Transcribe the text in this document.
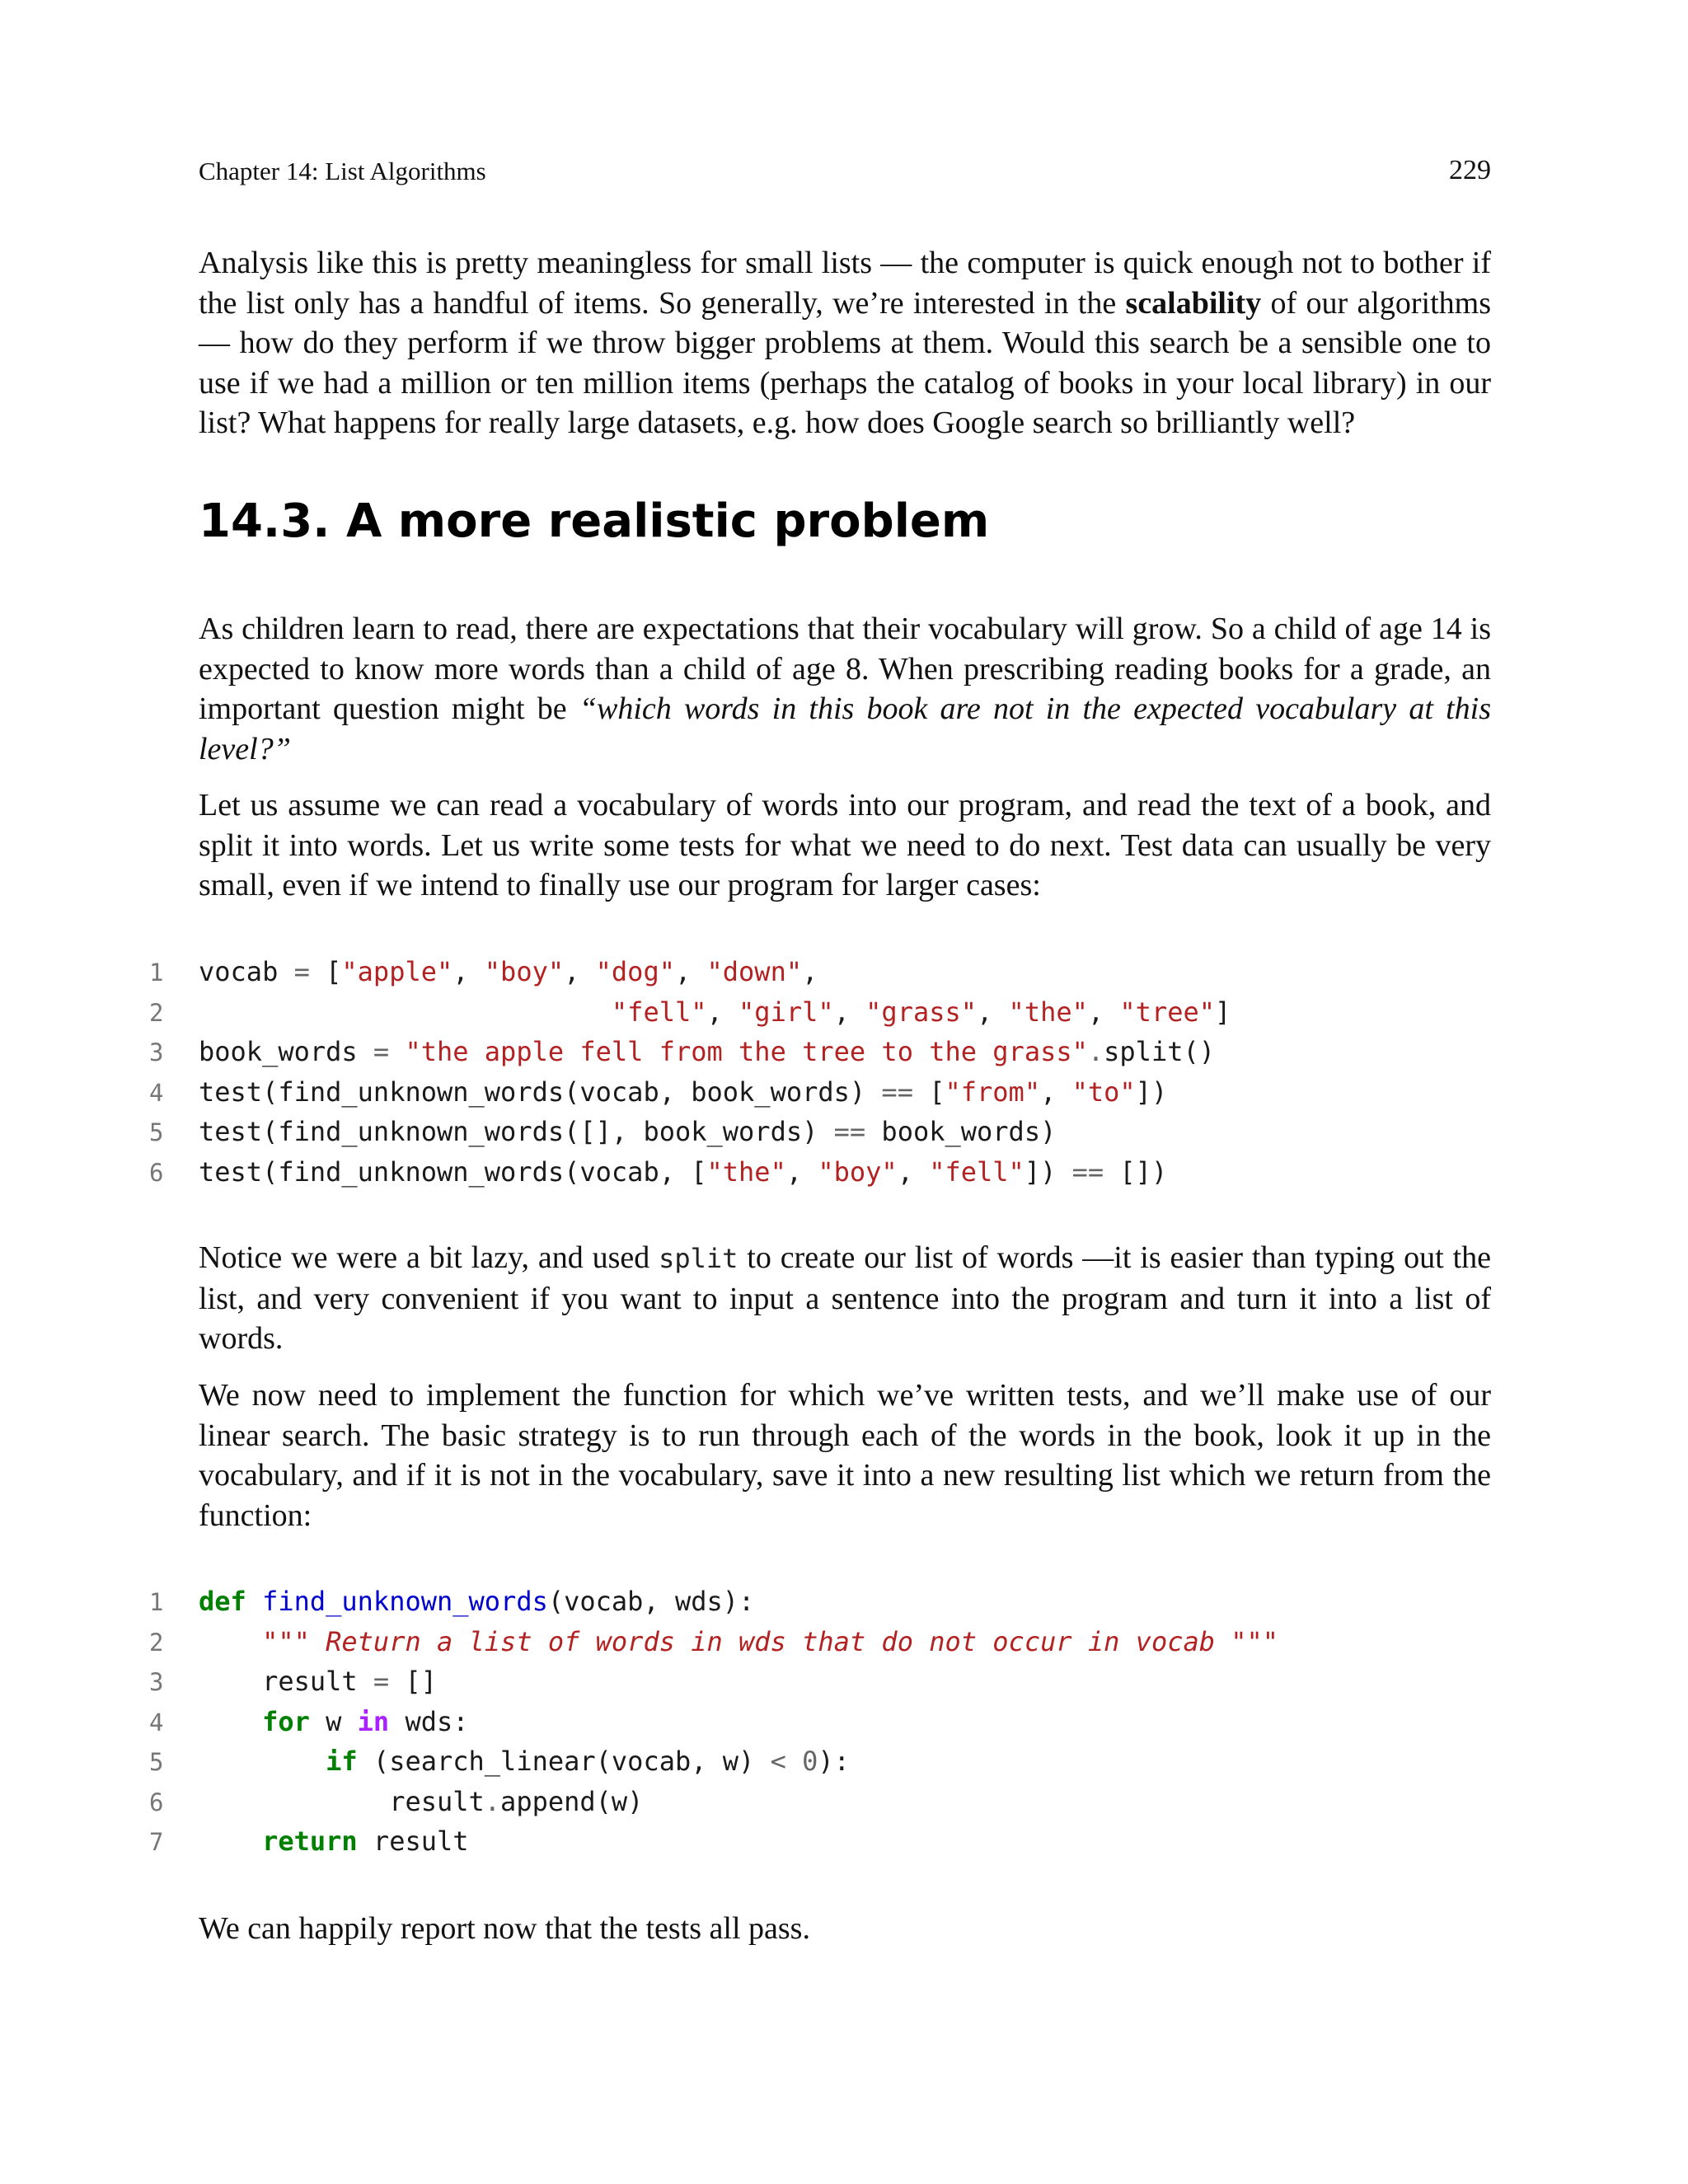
Chapter 14: List Algorithms	229

Analysis like this is pretty meaningless for small lists — the computer is quick enough not to bother if the list only has a handful of items. So generally, we’re interested in the scalability of our algorithms — how do they perform if we throw bigger problems at them. Would this search be a sensible one to use if we had a million or ten million items (perhaps the catalog of books in your local library) in our list? What happens for really large datasets, e.g. how does Google search so brilliantly well?

14.3. A more realistic problem

As children learn to read, there are expectations that their vocabulary will grow. So a child of age 14 is expected to know more words than a child of age 8. When prescribing reading books for a grade, an important question might be “which words in this book are not in the expected vocabulary at this level?”

Let us assume we can read a vocabulary of words into our program, and read the text of a book, and split it into words. Let us write some tests for what we need to do next. Test data can usually be very small, even if we intend to finally use our program for larger cases:

1 vocab = ["apple", "boy", "dog", "down",
2	"fell", "girl", "grass", "the", "tree"]
3 book_words = "the apple fell from the tree to the grass".split()
4 test(find_unknown_words(vocab, book_words) == ["from", "to"])
5 test(find_unknown_words([], book_words) == book_words)
6 test(find_unknown_words(vocab, ["the", "boy", "fell"]) == [])

Notice we were a bit lazy, and used split to create our list of words —it is easier than typing out the list, and very convenient if you want to input a sentence into the program and turn it into a list of words.

We now need to implement the function for which we’ve written tests, and we’ll make use of our linear search. The basic strategy is to run through each of the words in the book, look it up in the vocabulary, and if it is not in the vocabulary, save it into a new resulting list which we return from the function:

1 def find_unknown_words(vocab, wds):
2	""" Return a list of words in wds that do not occur in vocab """
3 result = []
4	for w in wds:
5	if (search_linear(vocab, w) < 0):
6 result.append(w)
7	return result

We can happily report now that the tests all pass.
